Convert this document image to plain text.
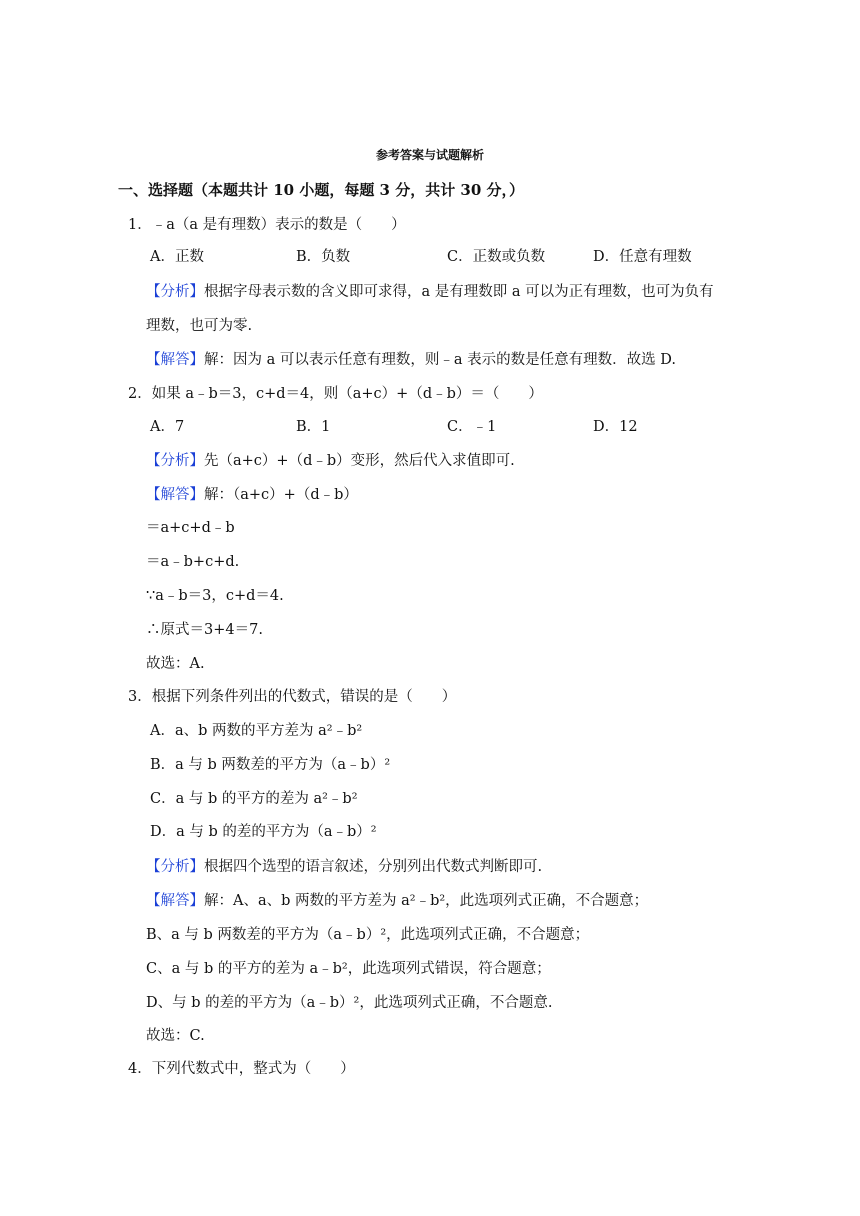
参考答案与试题解析
一、选择题（本题共计 10 小题，每题 3 分，共计 30 分，）
1．﹣a（a 是有理数）表示的数是（　　）
A．正数	B．负数	C．正数或负数	D．任意有理数
【分析】根据字母表示数的含义即可求得，a 是有理数即 a 可以为正有理数，也可为负有
理数，也可为零.
【解答】解：因为 a 可以表示任意有理数，则﹣a 表示的数是任意有理数．故选 D.
2．如果 a﹣b＝3，c+d＝4，则（a+c）+（d﹣b）＝（　　）
A．7	B．1	C．﹣1	D．12
【分析】先（a+c）+（d﹣b）变形，然后代入求值即可.
【解答】解：（a+c）+（d﹣b）
＝a+c+d﹣b
＝a﹣b+c+d.
∵a﹣b＝3，c+d＝4.
∴原式＝3+4＝7.
故选：A.
3．根据下列条件列出的代数式，错误的是（　　）
A．a、b 两数的平方差为 a²﹣b²
B．a 与 b 两数差的平方为（a﹣b）²
C．a 与 b 的平方的差为 a²﹣b²
D．a 与 b 的差的平方为（a﹣b）²
【分析】根据四个选型的语言叙述，分别列出代数式判断即可.
【解答】解：A、a、b 两数的平方差为 a²﹣b²，此选项列式正确，不合题意；
B、a 与 b 两数差的平方为（a﹣b）²，此选项列式正确，不合题意；
C、a 与 b 的平方的差为 a﹣b²，此选项列式错误，符合题意；
D、与 b 的差的平方为（a﹣b）²，此选项列式正确，不合题意.
故选：C.
4．下列代数式中，整式为（　　）
